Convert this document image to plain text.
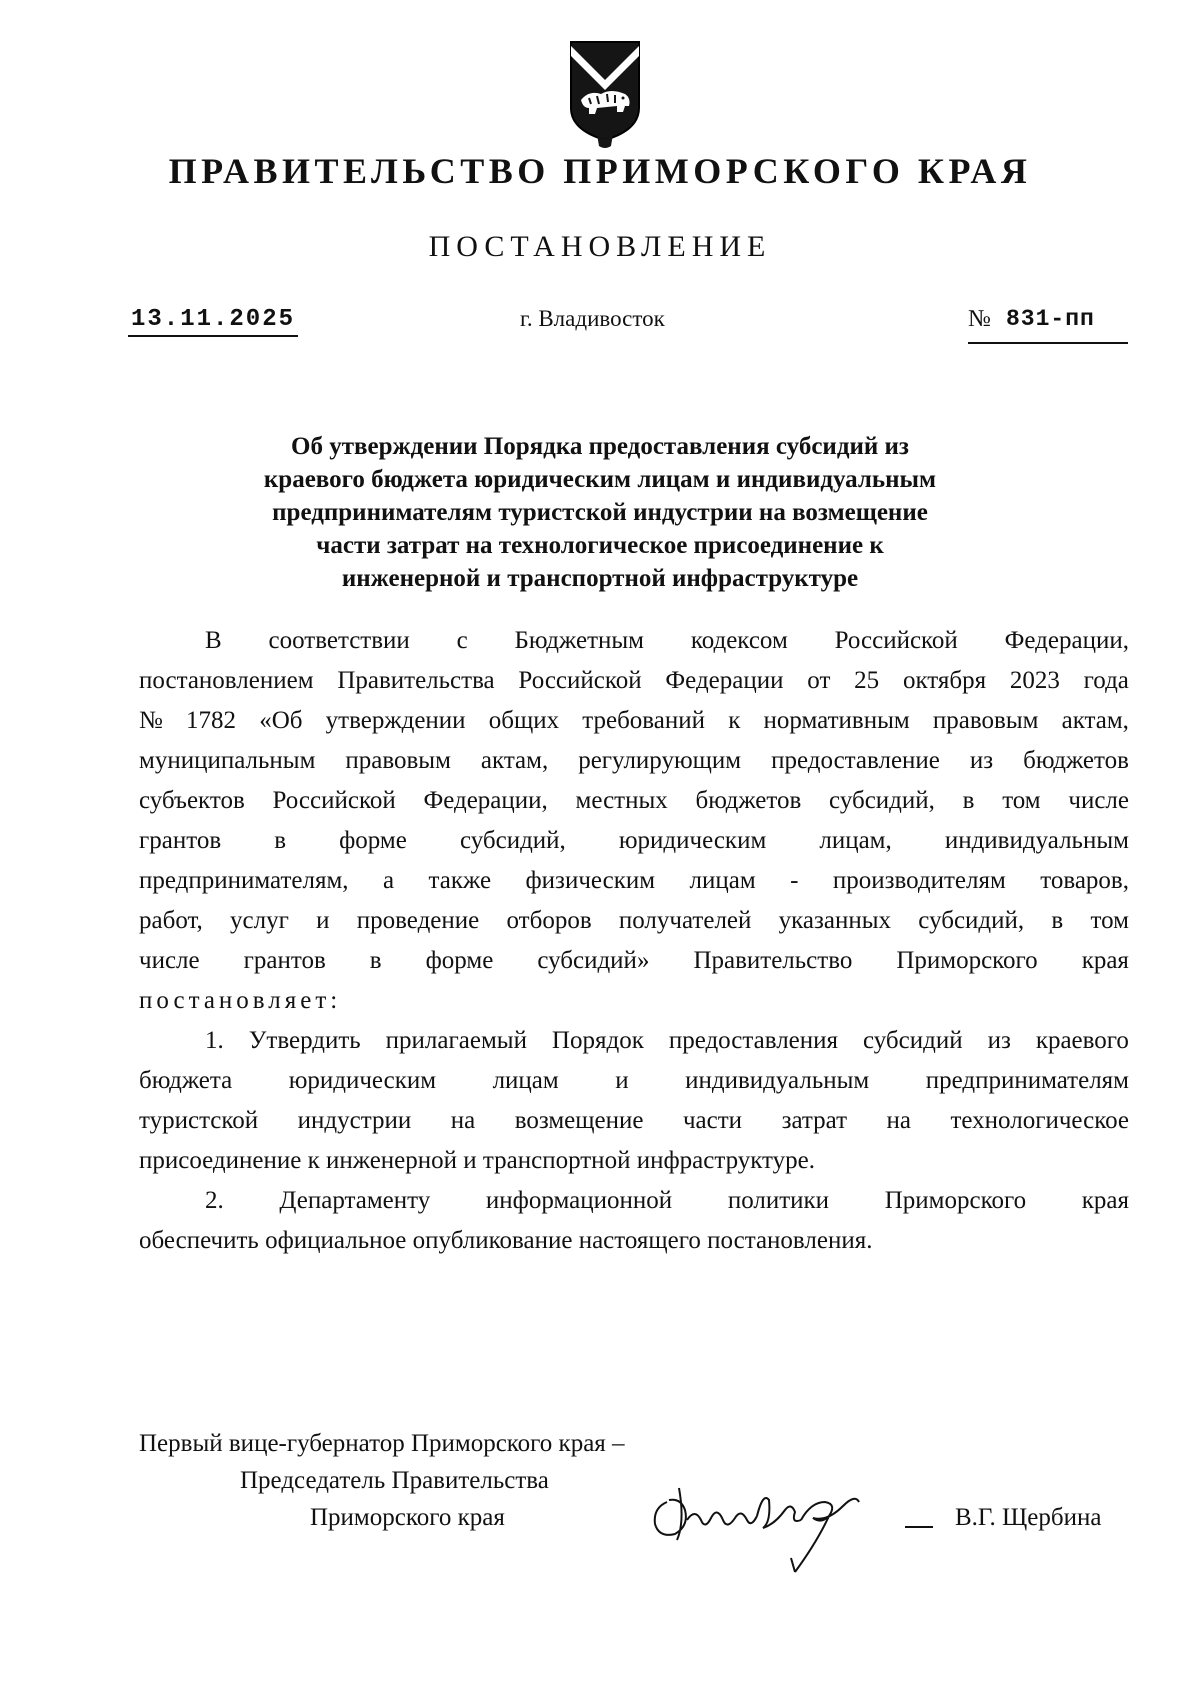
ПРАВИТЕЛЬСТВО ПРИМОРСКОГО КРАЯ
ПОСТАНОВЛЕНИЕ
13.11.2025	г. Владивосток	№ 831-пп
Об утверждении Порядка предоставления субсидий из
краевого бюджета юридическим лицам и индивидуальным
предпринимателям туристской индустрии на возмещение
части затрат на технологическое присоединение к
инженерной и транспортной инфраструктуре
В соответствии с Бюджетным кодексом Российской Федерации,
постановлением Правительства Российской Федерации от 25 октября 2023 года
№ 1782 «Об утверждении общих требований к нормативным правовым актам,
муниципальным правовым актам, регулирующим предоставление из бюджетов
субъектов Российской Федерации, местных бюджетов субсидий, в том числе
грантов в форме субсидий, юридическим лицам, индивидуальным
предпринимателям, а также физическим лицам - производителям товаров,
работ, услуг и проведение отборов получателей указанных субсидий, в том
числе грантов в форме субсидий» Правительство Приморского края
постановляет:
1. Утвердить прилагаемый Порядок предоставления субсидий из краевого
бюджета юридическим лицам и индивидуальным предпринимателям
туристской индустрии на возмещение части затрат на технологическое
присоединение к инженерной и транспортной инфраструктуре.
2. Департаменту информационной политики Приморского края
обеспечить официальное опубликование настоящего постановления.
Первый вице-губернатор Приморского края –
Председатель Правительства
Приморского края	В.Г. Щербина
